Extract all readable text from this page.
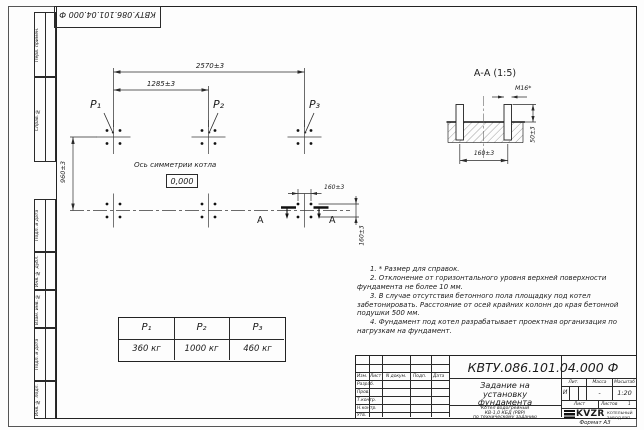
КВТУ.086.101.04.000 Ф
Перв. примен.
Справ. №
Подп. и дата
Инв. № дубл.
Взам. инв. №
Подп. и дата
Инв. № подл.
2570±3
1285±3
960±3
P₁	P₂	P₃
Ось симметрии котла
0,000
160±3
160±3
А	А
А-А (1:5)
М16*
50±3
160±3

1. * Размер для справок.

2. Отклонение от горизонтального уровня верхней поверхности фундамента не более 10 мм.

3. В случае отсутствия бетонного пола площадку под котел забетонировать. Расстояние от осей крайних колонн до края бетонной подушки 500 мм.

4. Фундамент под котел разрабатывает проектная организация по нагрузкам на фундамент.

P₁	P₂	P₃
360 кг	1000 кг	460 кг
Изм. Лист N докум. Подп. Дата
Разраб.
Пров.
Т.контр.
Н.контр.
Утв.
КВТУ.086.101.04.000 Ф
Задание на
установку
фундамента
Котел водогрейный
КВ-1,0 КБД (РВР)
по техническому заданию
Лит.	Масса	Масштаб
И	-	1:20
Лист	Листов 1
KVZR КОТЕЛЬНЫЙ
ЗАВОД РЭП
Формат А3
